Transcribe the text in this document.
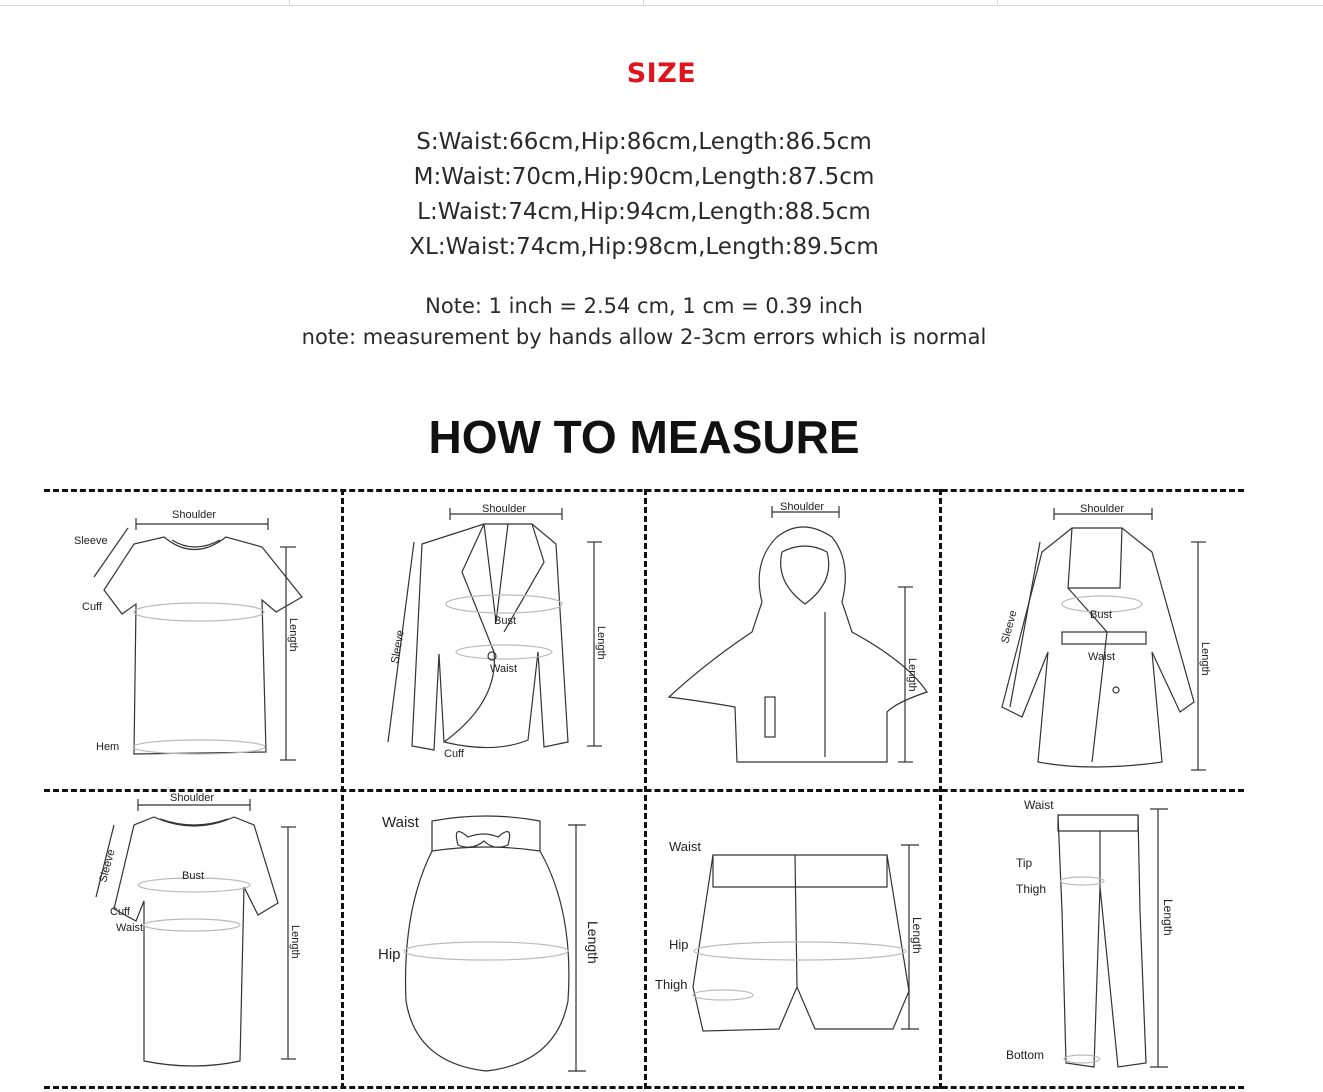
SIZE
S:Waist:66cm,Hip:86cm,Length:86.5cm
M:Waist:70cm,Hip:90cm,Length:87.5cm
L:Waist:74cm,Hip:94cm,Length:88.5cm
XL:Waist:74cm,Hip:98cm,Length:89.5cm
Note: 1 inch = 2.54 cm, 1 cm = 0.39 inch
note: measurement by hands allow 2-3cm errors which is normal
HOW TO MEASURE
Shoulder
Sleeve
Cuff
Hem
Length
Shoulder
Bust
Waist
Cuff
Sleeve	Length
Shoulder
Length
Shoulder
Bust
Waist
Sleeve
Length
Shoulder
Bust
Cuff
Waist
Sleeve
Length
Waist
Hip	Length
Waist
Hip
Thigh
Length
Waist
Tip
Thigh
Bottom
Length
